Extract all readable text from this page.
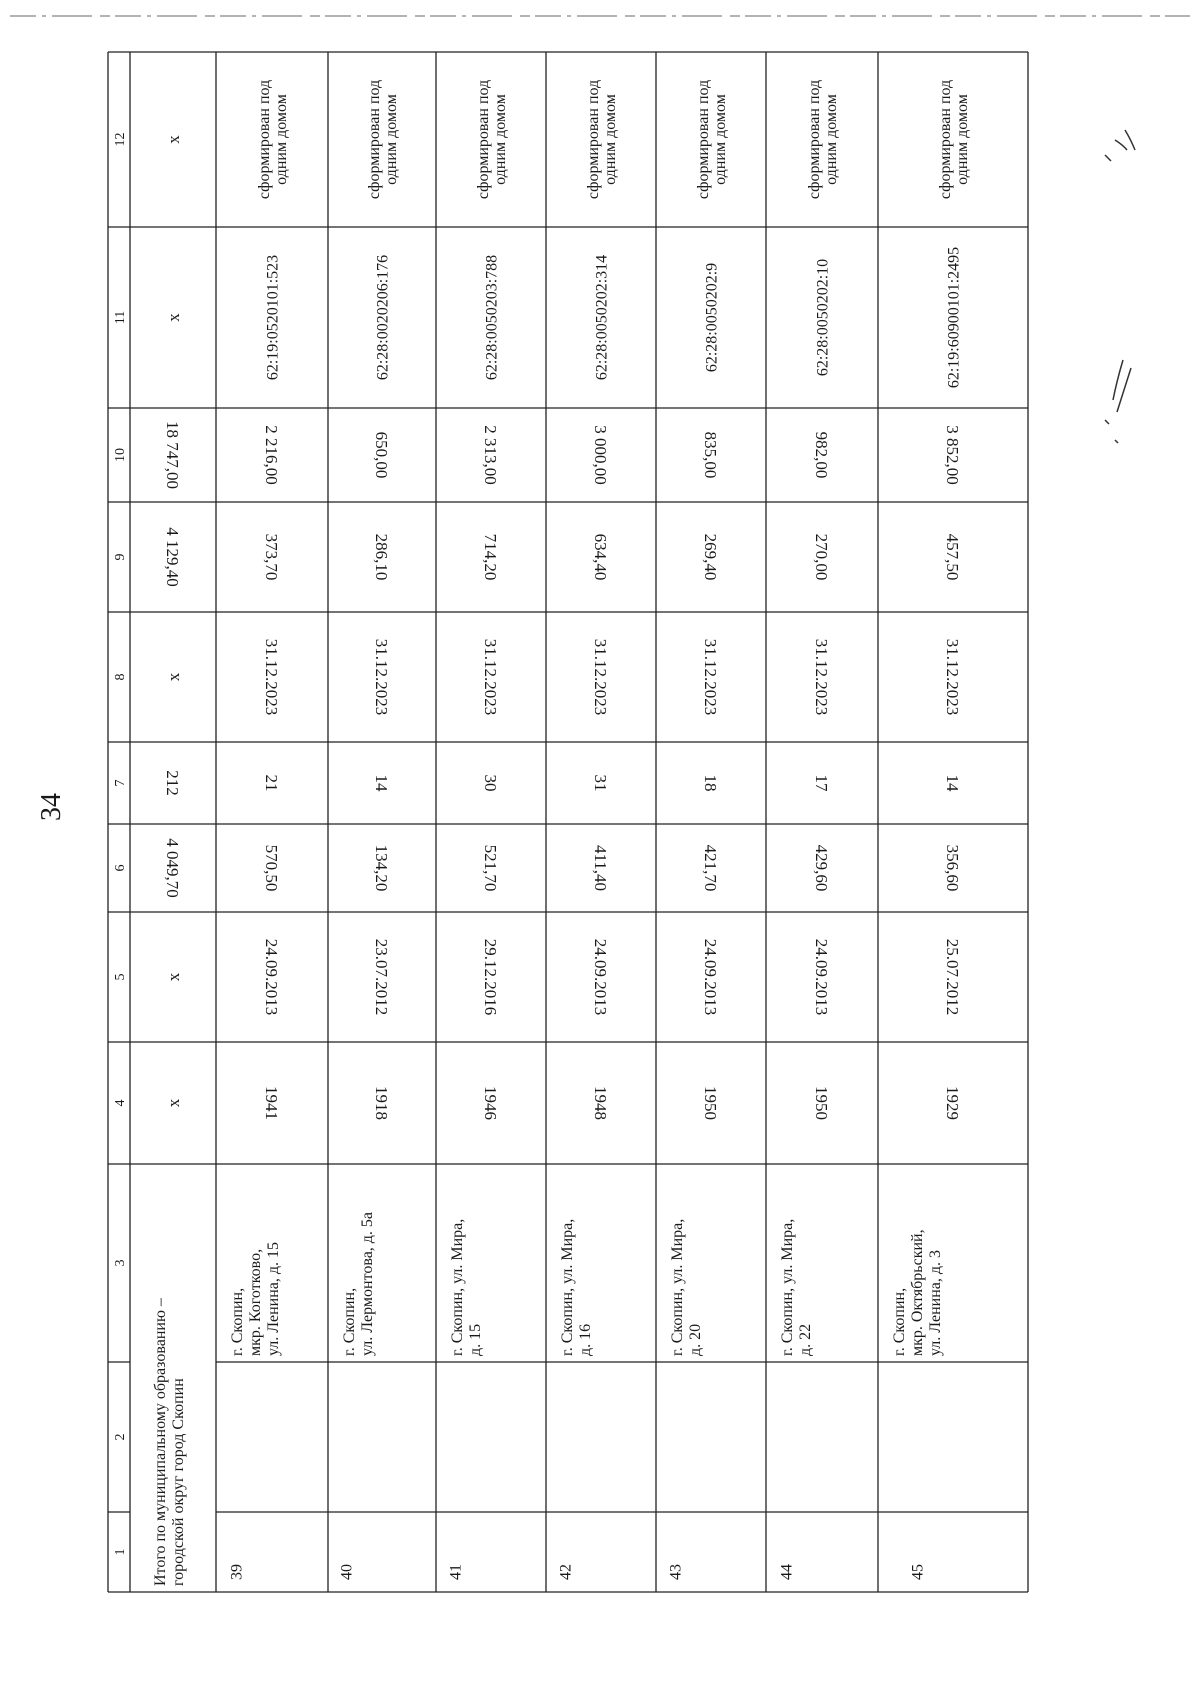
34
1
2
3
4
5
6
7
8
9
10
11
12
Итого по муниципальному образованию –городской округ город Скопин
x
x
4 049,70
212
x
4 129,40
18 747,00
x
x
39
г. Скопин,мкр. Коготково,ул. Ленина, д. 15
1941
24.09.2013
570,50
21
31.12.2023
373,70
2 216,00
62:19:0520101:523
сформирован пододним домом
40
г. Скопин,ул. Лермонтова, д. 5а
1918
23.07.2012
134,20
14
31.12.2023
286,10
650,00
62:28:0020206:176
сформирован пододним домом
41
г. Скопин, ул. Мира,д. 15
1946
29.12.2016
521,70
30
31.12.2023
714,20
2 313,00
62:28:0050203:788
сформирован пододним домом
42
г. Скопин, ул. Мира,д. 16
1948
24.09.2013
411,40
31
31.12.2023
634,40
3 000,00
62:28:0050202:314
сформирован пододним домом
43
г. Скопин, ул. Мира,д. 20
1950
24.09.2013
421,70
18
31.12.2023
269,40
835,00
62:28:0050202:9
сформирован пододним домом
44
г. Скопин, ул. Мира,д. 22
1950
24.09.2013
429,60
17
31.12.2023
270,00
982,00
62:28:0050202:10
сформирован пододним домом
45
г. Скопин,мкр. Октябрьский,ул. Ленина, д. 3
1929
25.07.2012
356,60
14
31.12.2023
457,50
3 852,00
62:19:60900101:2495
сформирован пододним домом
